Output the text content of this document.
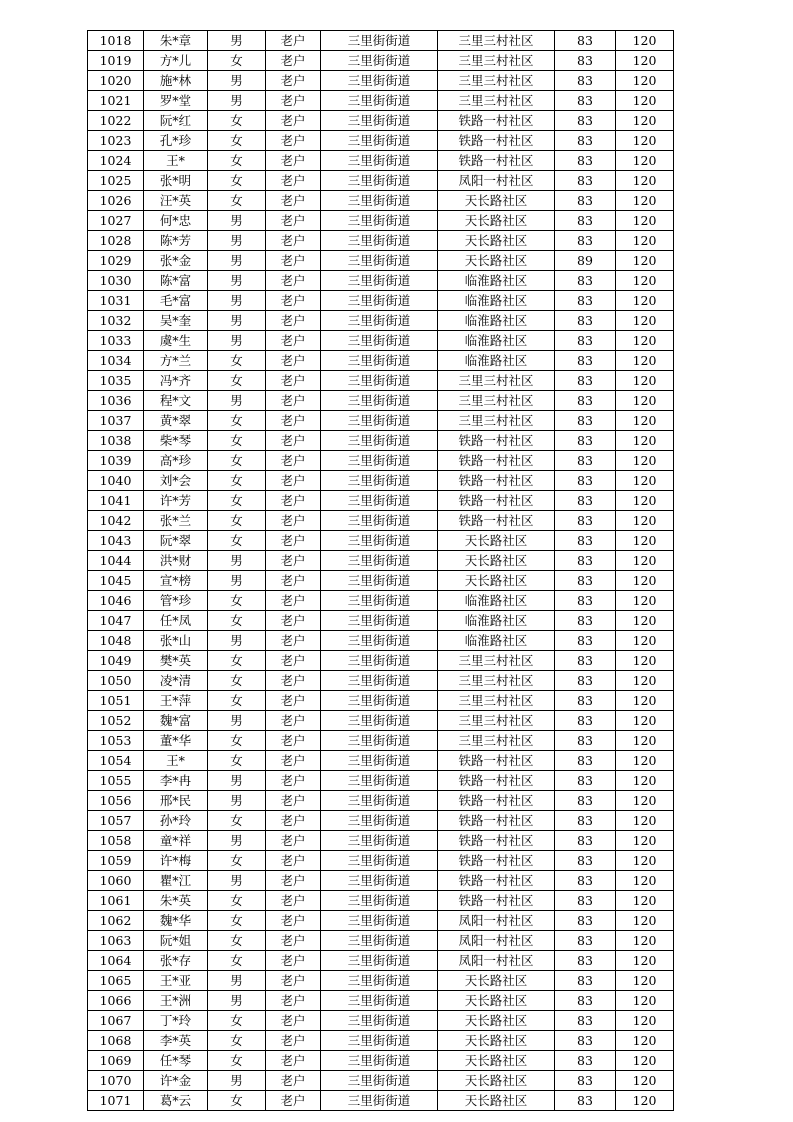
1018	朱*章	男	老户	三里街街道	三里三村社区	83	120
1019	方*儿	女	老户	三里街街道	三里三村社区	83	120
1020	施*林	男	老户	三里街街道	三里三村社区	83	120
1021	罗*堂	男	老户	三里街街道	三里三村社区	83	120
1022	阮*红	女	老户	三里街街道	铁路一村社区	83	120
1023	孔*珍	女	老户	三里街街道	铁路一村社区	83	120
1024	王*	女	老户	三里街街道	铁路一村社区	83	120
1025	张*明	女	老户	三里街街道	凤阳一村社区	83	120
1026	汪*英	女	老户	三里街街道	天长路社区	83	120
1027	何*忠	男	老户	三里街街道	天长路社区	83	120
1028	陈*芳	男	老户	三里街街道	天长路社区	83	120
1029	张*金	男	老户	三里街街道	天长路社区	89	120
1030	陈*富	男	老户	三里街街道	临淮路社区	83	120
1031	毛*富	男	老户	三里街街道	临淮路社区	83	120
1032	吴*奎	男	老户	三里街街道	临淮路社区	83	120
1033	虞*生	男	老户	三里街街道	临淮路社区	83	120
1034	方*兰	女	老户	三里街街道	临淮路社区	83	120
1035	冯*齐	女	老户	三里街街道	三里三村社区	83	120
1036	程*文	男	老户	三里街街道	三里三村社区	83	120
1037	黄*翠	女	老户	三里街街道	三里三村社区	83	120
1038	柴*琴	女	老户	三里街街道	铁路一村社区	83	120
1039	高*珍	女	老户	三里街街道	铁路一村社区	83	120
1040	刘*会	女	老户	三里街街道	铁路一村社区	83	120
1041	许*芳	女	老户	三里街街道	铁路一村社区	83	120
1042	张*兰	女	老户	三里街街道	铁路一村社区	83	120
1043	阮*翠	女	老户	三里街街道	天长路社区	83	120
1044	洪*财	男	老户	三里街街道	天长路社区	83	120
1045	宣*榜	男	老户	三里街街道	天长路社区	83	120
1046	管*珍	女	老户	三里街街道	临淮路社区	83	120
1047	任*凤	女	老户	三里街街道	临淮路社区	83	120
1048	张*山	男	老户	三里街街道	临淮路社区	83	120
1049	樊*英	女	老户	三里街街道	三里三村社区	83	120
1050	凌*清	女	老户	三里街街道	三里三村社区	83	120
1051	王*萍	女	老户	三里街街道	三里三村社区	83	120
1052	魏*富	男	老户	三里街街道	三里三村社区	83	120
1053	董*华	女	老户	三里街街道	三里三村社区	83	120
1054	王*	女	老户	三里街街道	铁路一村社区	83	120
1055	李*冉	男	老户	三里街街道	铁路一村社区	83	120
1056	邢*民	男	老户	三里街街道	铁路一村社区	83	120
1057	孙*玲	女	老户	三里街街道	铁路一村社区	83	120
1058	童*祥	男	老户	三里街街道	铁路一村社区	83	120
1059	许*梅	女	老户	三里街街道	铁路一村社区	83	120
1060	瞿*江	男	老户	三里街街道	铁路一村社区	83	120
1061	朱*英	女	老户	三里街街道	铁路一村社区	83	120
1062	魏*华	女	老户	三里街街道	凤阳一村社区	83	120
1063	阮*姐	女	老户	三里街街道	凤阳一村社区	83	120
1064	张*存	女	老户	三里街街道	凤阳一村社区	83	120
1065	王*亚	男	老户	三里街街道	天长路社区	83	120
1066	王*洲	男	老户	三里街街道	天长路社区	83	120
1067	丁*玲	女	老户	三里街街道	天长路社区	83	120
1068	李*英	女	老户	三里街街道	天长路社区	83	120
1069	任*琴	女	老户	三里街街道	天长路社区	83	120
1070	许*金	男	老户	三里街街道	天长路社区	83	120
1071	葛*云	女	老户	三里街街道	天长路社区	83	120
